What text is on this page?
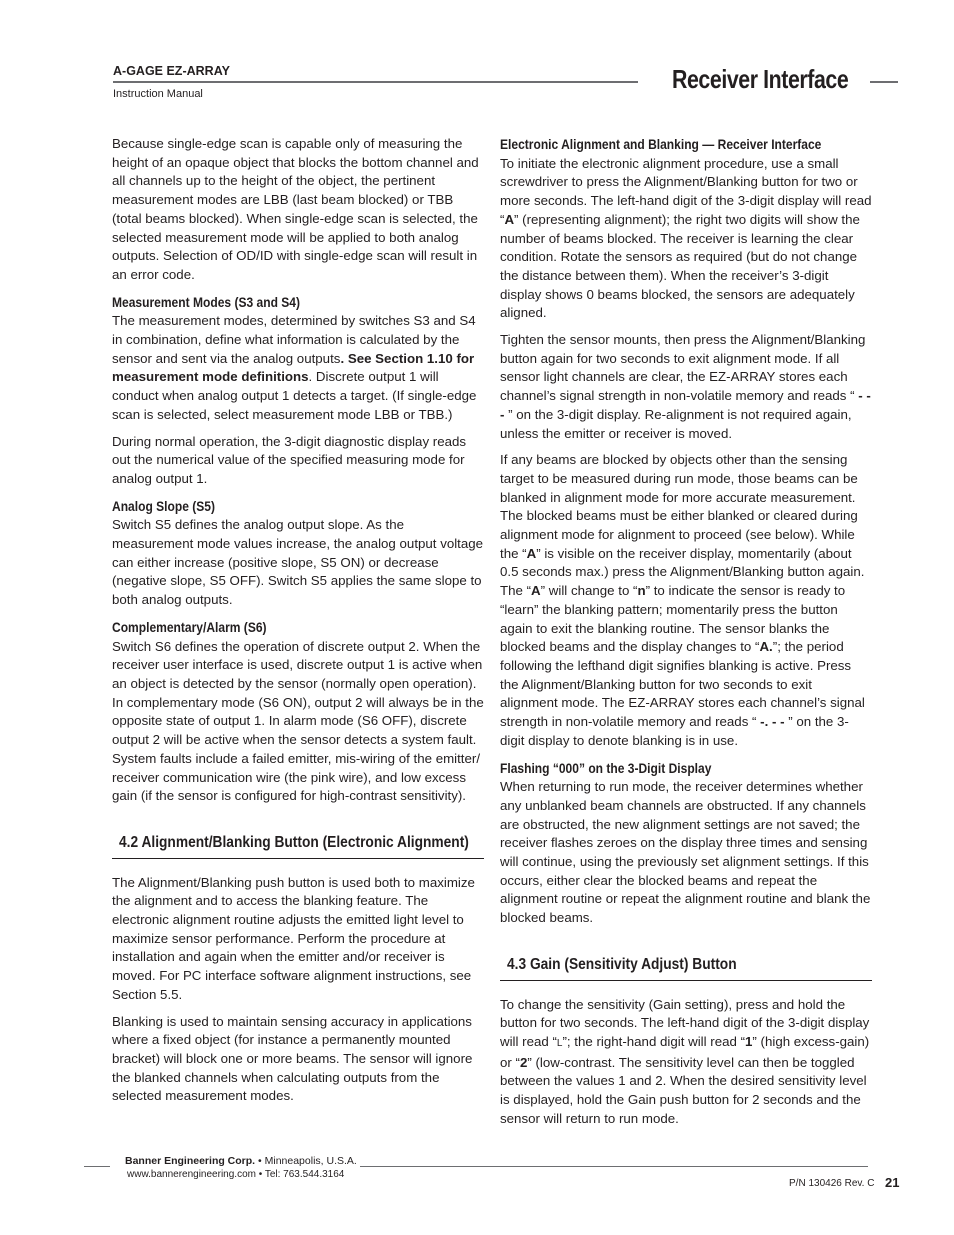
A-GAGE EZ-ARRAY
Instruction Manual	Receiver Interface

Because single-edge scan is capable only of measuring the height of an opaque object that blocks the bottom channel and all channels up to the height of the object, the pertinent measurement modes are LBB (last beam blocked) or TBB (total beams blocked). When single-edge scan is selected, the selected measurement mode will be applied to both analog outputs. Selection of OD/ID with single-edge scan will result in an error code.

Measurement Modes (S3 and S4)

The measurement modes, determined by switches S3 and S4 in combination, define what information is calculated by the sensor and sent via the analog outputs. See Section 1.10 for measurement mode definitions. Discrete output 1 will conduct when analog output 1 detects a target. (If single-edge scan is selected, select measurement mode LBB or TBB.)

During normal operation, the 3-digit diagnostic display reads out the numerical value of the specified measuring mode for analog output 1.

Analog Slope (S5)

Switch S5 defines the analog output slope. As the measurement mode values increase, the analog output voltage can either increase (positive slope, S5 ON) or decrease (negative slope, S5 OFF). Switch S5 applies the same slope to both analog outputs.

Complementary/Alarm (S6)

Switch S6 defines the operation of discrete output 2. When the receiver user interface is used, discrete output 1 is active when an object is detected by the sensor (normally open operation). In complementary mode (S6 ON), output 2 will always be in the opposite state of output 1. In alarm mode (S6 OFF), discrete output 2 will be active when the sensor detects a system fault. System faults include a failed emitter, mis-wiring of the emitter/ receiver communication wire (the pink wire), and low excess gain (if the sensor is configured for high-contrast sensitivity).

4.2 Alignment/Blanking Button (Electronic Alignment)

The Alignment/Blanking push button is used both to maximize the alignment and to access the blanking feature. The electronic alignment routine adjusts the emitted light level to maximize sensor performance. Perform the procedure at installation and again when the emitter and/or receiver is moved. For PC interface software alignment instructions, see Section 5.5.

Blanking is used to maintain sensing accuracy in applications where a fixed object (for instance a permanently mounted bracket) will block one or more beams. The sensor will ignore the blanked channels when calculating outputs from the selected measurement modes.

Electronic Alignment and Blanking — Receiver Interface

To initiate the electronic alignment procedure, use a small screwdriver to press the Alignment/Blanking button for two or more seconds. The left-hand digit of the 3-digit display will read “A” (representing alignment); the right two digits will show the number of beams blocked. The receiver is learning the clear condition. Rotate the sensors as required (but do not change the distance between them). When the receiver’s 3-digit display shows 0 beams blocked, the sensors are adequately aligned.

Tighten the sensor mounts, then press the Alignment/Blanking button again for two seconds to exit alignment mode. If all sensor light channels are clear, the EZ-ARRAY stores each channel’s signal strength in non-volatile memory and reads “ - - - ” on the 3-digit display. Re-alignment is not required again, unless the emitter or receiver is moved.

If any beams are blocked by objects other than the sensing target to be measured during run mode, those beams can be blanked in alignment mode for more accurate measurement. The blocked beams must be either blanked or cleared during alignment mode for alignment to proceed (see below). While the “A” is visible on the receiver display, momentarily (about 0.5 seconds max.) press the Alignment/Blanking button again. The “A” will change to “n” to indicate the sensor is ready to “learn” the blanking pattern; momentarily press the button again to exit the blanking routine. The sensor blanks the blocked beams and the display changes to “A.”; the period following the lefthand digit signifies blanking is active. Press the Alignment/Blanking button for two seconds to exit alignment mode. The EZ-ARRAY stores each channel’s signal strength in non-volatile memory and reads “ -. - - ” on the 3-digit display to denote blanking is in use.

Flashing “000” on the 3-Digit Display

When returning to run mode, the receiver determines whether any unblanked beam channels are obstructed. If any channels are obstructed, the new alignment settings are not saved; the receiver flashes zeroes on the display three times and sensing will continue, using the previously set alignment settings. If this occurs, either clear the blocked beams and repeat the alignment routine or repeat the alignment routine and blank the blocked beams.

4.3 Gain (Sensitivity Adjust) Button

To change the sensitivity (Gain setting), press and hold the button for two seconds. The left-hand digit of the 3-digit display will read “L”; the right-hand digit will read “1” (high excess-gain) or “2” (low-contrast. The sensitivity level can then be toggled between the values 1 and 2. When the desired sensitivity level is displayed, hold the Gain push button for 2 seconds and the sensor will return to run mode.

Banner Engineering Corp. • Minneapolis, U.S.A.
www.bannerengineering.com • Tel: 763.544.3164
P/N 130426 Rev. C 21
